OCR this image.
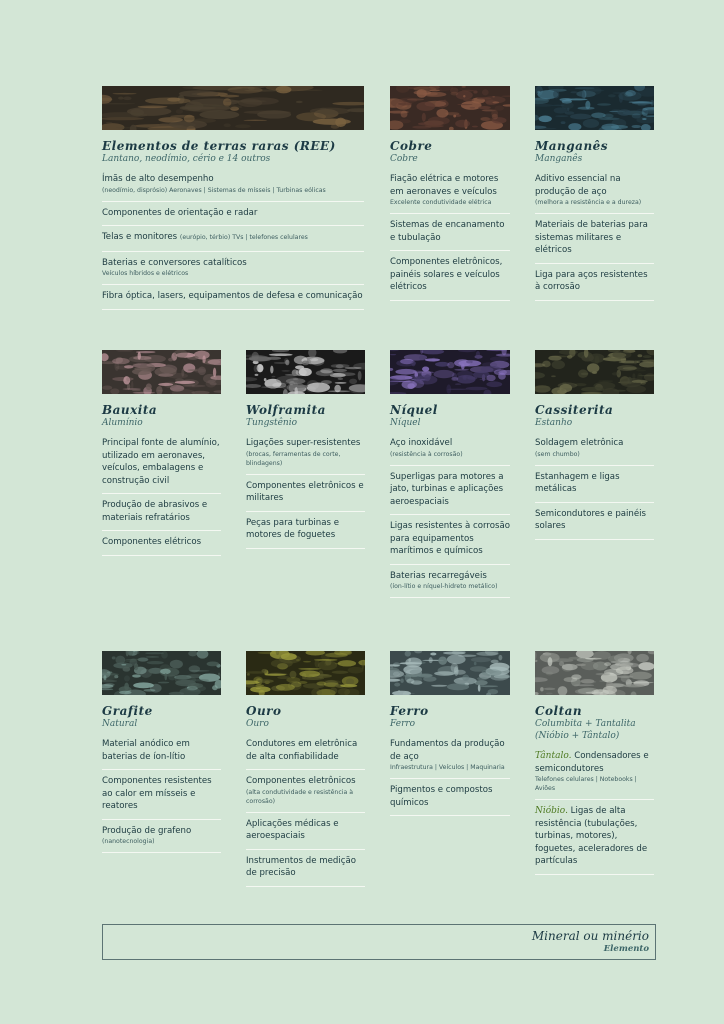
Elementos de terras raras (REE)
Lantano, neodímio, cério e 14 outros
Ímãs de alto desempenho
(neodímio, disprósio) Aeronaves | Sistemas de mísseis | Turbinas eólicas
Componentes de orientação e radar
Telas e monitores (európio, térbio) TVs | telefones celulares
Baterias e conversores catalíticos
Veículos híbridos e elétricos
Fibra óptica, lasers, equipamentos de defesa e comunicação
Cobre
Cobre
Fiação elétrica e motores em aeronaves e veículos
Excelente condutividade elétrica
Sistemas de encanamento e tubulação
Componentes eletrônicos, painéis solares e veículos elétricos
Manganês
Manganês
Aditivo essencial na produção de aço
(melhora a resistência e a dureza)
Materiais de baterias para sistemas militares e elétricos
Liga para aços resistentes à corrosão
Bauxita
Alumínio
Principal fonte de alumínio, utilizado em aeronaves, veículos, embalagens e construção civil
Produção de abrasivos e materiais refratários
Componentes elétricos
Wolframita
Tungstênio
Ligações super-resistentes
(brocas, ferramentas de corte, blindagens)
Componentes eletrônicos e militares
Peças para turbinas e motores de foguetes
Níquel
Níquel
Aço inoxidável
(resistência à corrosão)
Superligas para motores a jato, turbinas e aplicações aeroespaciais
Ligas resistentes à corrosão para equipamentos marítimos e químicos
Baterias recarregáveis
(íon-lítio e níquel-hidreto metálico)
Cassiterita
Estanho
Soldagem eletrônica
(sem chumbo)
Estanhagem e ligas metálicas
Semicondutores e painéis solares
Grafite
Natural
Material anódico em baterias de íon-lítio
Componentes resistentes ao calor em mísseis e reatores
Produção de grafeno
(nanotecnologia)
Ouro
Ouro
Condutores em eletrônica de alta confiabilidade
Componentes eletrônicos
(alta condutividade e resistência à corrosão)
Aplicações médicas e aeroespaciais
Instrumentos de medição de precisão
Ferro
Ferro
Fundamentos da produção de aço
Infraestrutura | Veículos | Maquinaria
Pigmentos e compostos químicos
Coltan
Columbita + Tantalita
(Nióbio + Tântalo)
Tântalo. Condensadores e semicondutores
Telefones celulares | Notebooks | Aviões
Nióbio. Ligas de alta resistência (tubulações, turbinas, motores), foguetes, aceleradores de partículas
Mineral ou minério
Elemento
